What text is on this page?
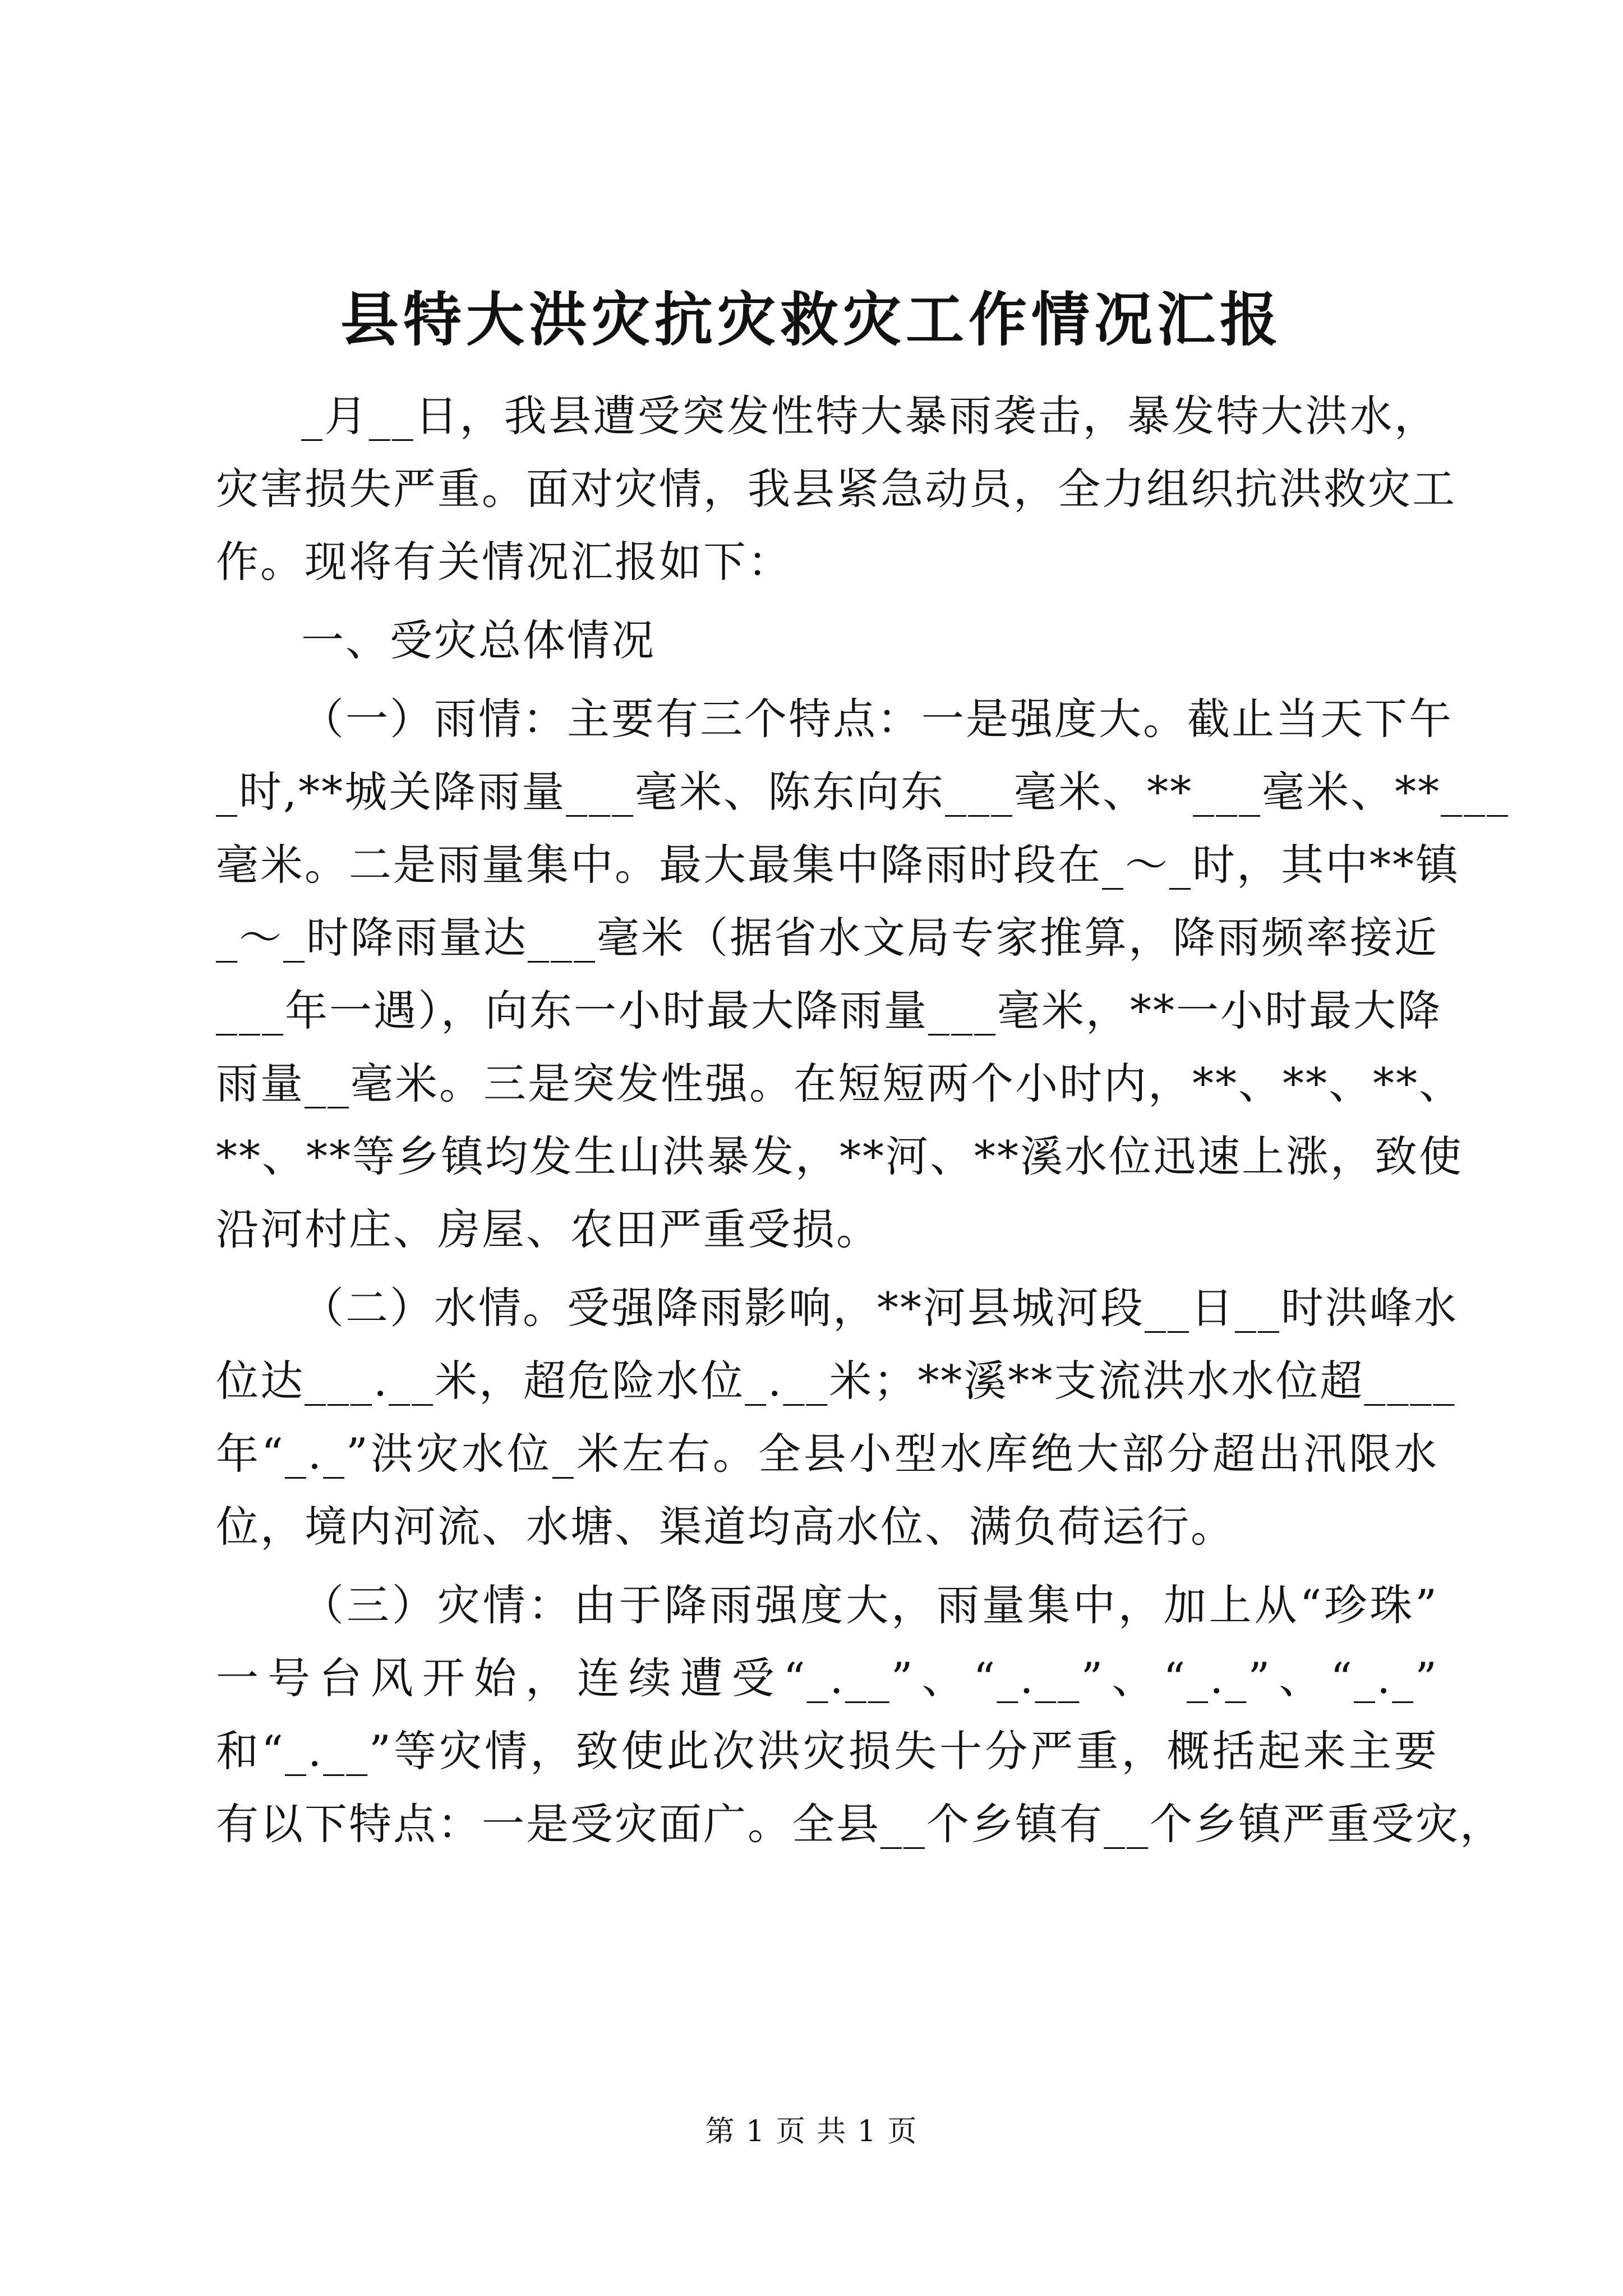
县特大洪灾抗灾救灾工作情况汇报
_月__日，我县遭受突发性特大暴雨袭击，暴发特大洪水，
灾害损失严重。面对灾情，我县紧急动员，全力组织抗洪救灾工
作。现将有关情况汇报如下：
一、受灾总体情况
（一）雨情：主要有三个特点：一是强度大。截止当天下午
_时,**城关降雨量___毫米、陈东向东___毫米、**___毫米、**___
毫米。二是雨量集中。最大最集中降雨时段在_～_时，其中**镇
_～_时降雨量达___毫米（据省水文局专家推算，降雨频率接近
___年一遇），向东一小时最大降雨量___毫米，**一小时最大降
雨量__毫米。三是突发性强。在短短两个小时内，**、**、**、
**、**等乡镇均发生山洪暴发，**河、**溪水位迅速上涨，致使
沿河村庄、房屋、农田严重受损。
（二）水情。受强降雨影响，**河县城河段__日__时洪峰水
位达___.__米，超危险水位_.__米；**溪**支流洪水水位超____
年“_._”洪灾水位_米左右。全县小型水库绝大部分超出汛限水
位，境内河流、水塘、渠道均高水位、满负荷运行。
（三）灾情：由于降雨强度大，雨量集中，加上从“珍珠”
一号台风开始，连续遭受“_.__”、“_.__”、“_._”、“_._”
和“_.__”等灾情，致使此次洪灾损失十分严重，概括起来主要
有以下特点：一是受灾面广。全县__个乡镇有__个乡镇严重受灾，
第 1 页 共 1 页
